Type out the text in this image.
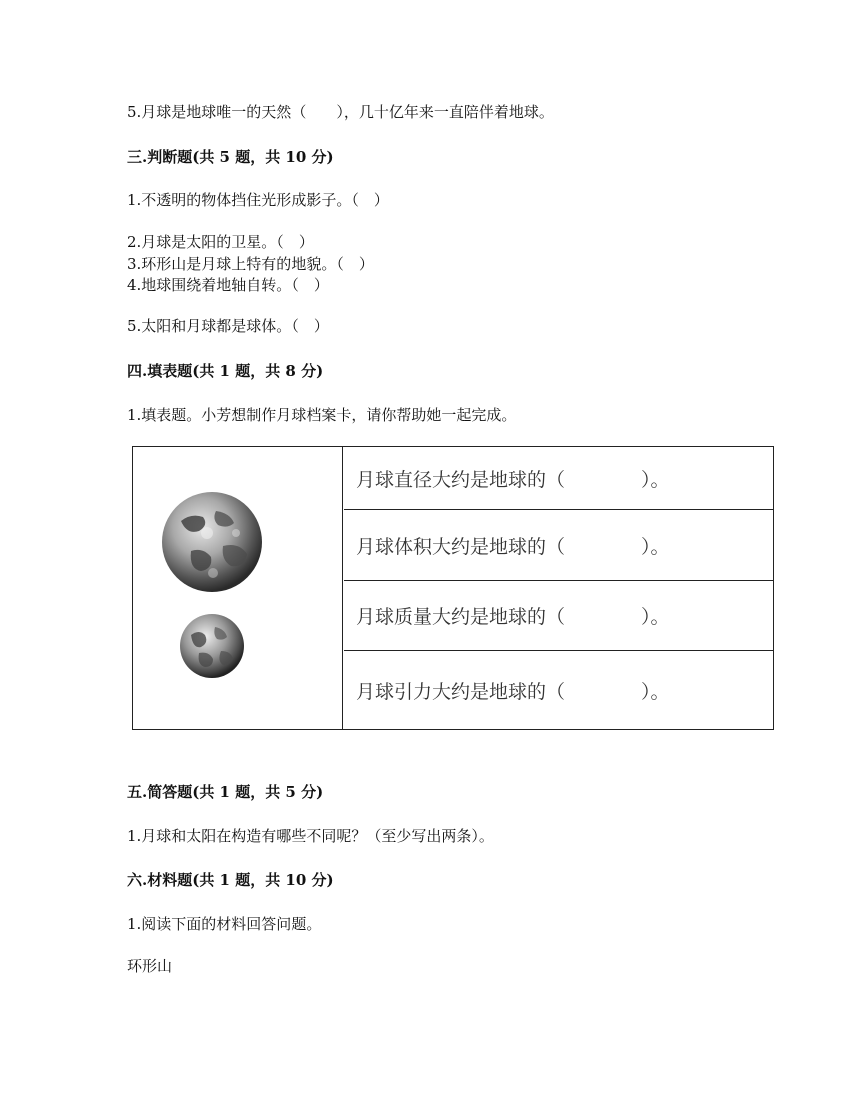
5.月球是地球唯一的天然（　　），几十亿年来一直陪伴着地球。
三.判断题(共 5 题，共 10 分)
1.不透明的物体挡住光形成影子。（　）
2.月球是太阳的卫星。（　）
3.环形山是月球上特有的地貌。（　）
4.地球围绕着地轴自转。（　）
5.太阳和月球都是球体。（　）
四.填表题(共 1 题，共 8 分)
1.填表题。小芳想制作月球档案卡，请你帮助她一起完成。
月球直径大约是地球的（　　　　）。
月球体积大约是地球的（　　　　）。
月球质量大约是地球的（　　　　）。
月球引力大约是地球的（　　　　）。
五.简答题(共 1 题，共 5 分)
1.月球和太阳在构造有哪些不同呢？（至少写出两条）。
六.材料题(共 1 题，共 10 分)
1.阅读下面的材料回答问题。
环形山
